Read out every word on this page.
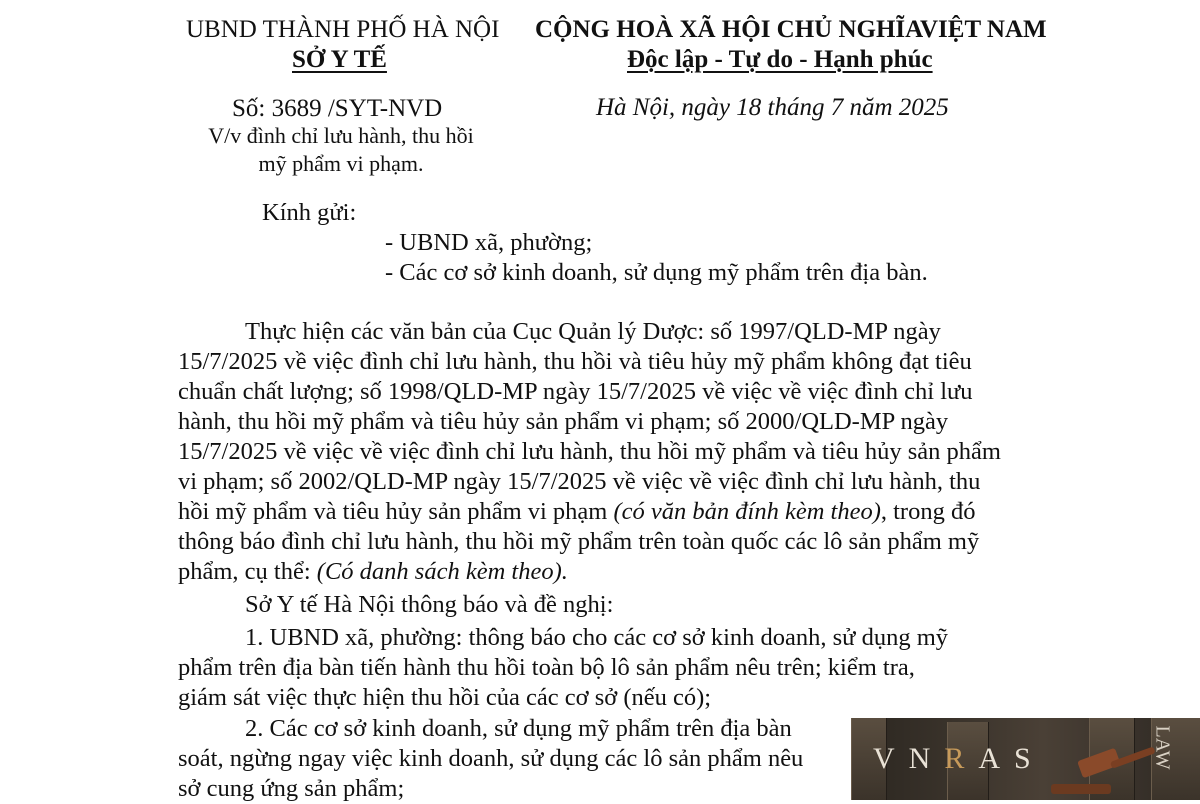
UBND THÀNH PHỐ HÀ NỘI
SỞ Y TẾ
Số: 3689 /SYT-NVD
V/v đình chỉ lưu hành, thu hồi
mỹ phẩm vi phạm.
CỘNG HOÀ XÃ HỘI CHỦ NGHĨAVIỆT NAM
Độc lập - Tự do - Hạnh phúc
Hà Nội, ngày 18 tháng 7 năm 2025
Kính gửi:
- UBND xã, phường;
- Các cơ sở kinh doanh, sử dụng mỹ phẩm trên địa bàn.
Thực hiện các văn bản của Cục Quản lý Dược: số 1997/QLD-MP ngày
15/7/2025 về việc đình chỉ lưu hành, thu hồi và tiêu hủy mỹ phẩm không đạt tiêu
chuẩn chất lượng; số 1998/QLD-MP ngày 15/7/2025 về việc về việc đình chỉ lưu
hành, thu hồi mỹ phẩm và tiêu hủy sản phẩm vi phạm; số 2000/QLD-MP ngày
15/7/2025 về việc về việc đình chỉ lưu hành, thu hồi mỹ phẩm và tiêu hủy sản phẩm
vi phạm; số 2002/QLD-MP ngày 15/7/2025 về việc về việc đình chỉ lưu hành, thu
hồi mỹ phẩm và tiêu hủy sản phẩm vi phạm (có văn bản đính kèm theo), trong đó
thông báo đình chỉ lưu hành, thu hồi mỹ phẩm trên toàn quốc các lô sản phẩm mỹ
phẩm, cụ thể: (Có danh sách kèm theo).
Sở Y tế Hà Nội thông báo và đề nghị:
1. UBND xã, phường: thông báo cho các cơ sở kinh doanh, sử dụng mỹ
phẩm trên địa bàn tiến hành thu hồi toàn bộ lô sản phẩm nêu trên; kiểm tra,
giám sát việc thực hiện thu hồi của các cơ sở (nếu có);
2. Các cơ sở kinh doanh, sử dụng mỹ phẩm trên địa bàn
soát, ngừng ngay việc kinh doanh, sử dụng các lô sản phẩm nêu
sở cung ứng sản phẩm;
VNRAS	LAW
